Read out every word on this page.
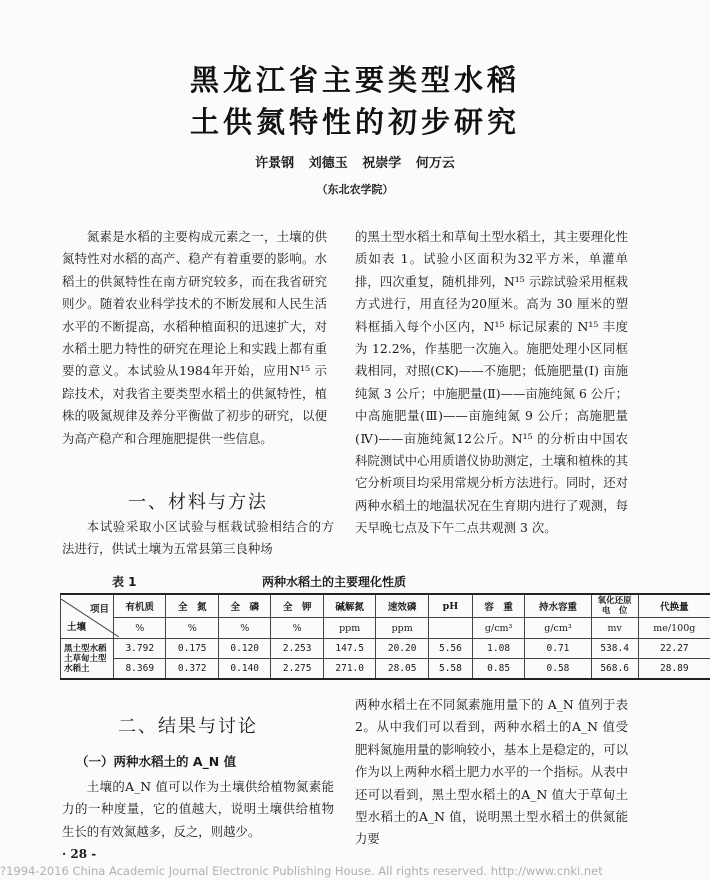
黑龙江省主要类型水稻
土供氮特性的初步研究
许景钢 刘德玉 祝崇学 何万云
（东北农学院）

氮素是水稻的主要构成元素之一，土壤的供氮特性对水稻的高产、稳产有着重要的影响。水稻土的供氮特性在南方研究较多，而在我省研究则少。随着农业科学技术的不断发展和人民生活水平的不断提高，水稻种植面积的迅速扩大，对水稻土肥力特性的研究在理论上和实践上都有重要的意义。本试验从1984年开始，应用N¹⁵ 示踪技术，对我省主要类型水稻土的供氮特性，植株的吸氮规律及养分平衡做了初步的研究，以便为高产稳产和合理施肥提供一些信息。

的黑土型水稻土和草甸土型水稻土，其主要理化性质如表 1。试验小区面积为32平方米，单灌单排，四次重复，随机排列，N¹⁵ 示踪试验采用框栽方式进行，用直径为20厘米。高为 30 厘米的塑料框插入每个小区内，N¹⁵ 标记尿素的 N¹⁵ 丰度为 12.2%，作基肥一次施入。施肥处理小区同框栽相同，对照(CK)——不施肥；低施肥量(Ⅰ) 亩施纯氮 3 公斤；中施肥量(Ⅱ)——亩施纯氮 6 公斤；中高施肥量(Ⅲ)——亩施纯氮 9 公斤；高施肥量(Ⅳ)——亩施纯氮12公斤。N¹⁵ 的分析由中国农科院测试中心用质谱仪协助测定，土壤和植株的其它分析项目均采用常规分析方法进行。同时，还对两种水稻土的地温状况在生育期内进行了观测，每天早晚七点及下午二点共观测 3 次。

一、材料与方法

本试验采取小区试验与框栽试验相结合的方法进行，供试土壤为五常县第三良种场

表 1	两种水稻土的主要理化性质
项目
土壤	有机质	全　氮	全　磷	全　钾	碱解氮	速效磷	pH	容　重	持水容重	氧化还原电　位	代换量
	%	%	%	%	ppm	ppm		g/cm³	g/cm³	mv	me/100g
黑土型水稻土草甸土型水稻土	3.792	0.175	0.120	2.253	147.5	20.20	5.56	1.08	0.71	538.4	22.27
	8.369	0.372	0.140	2.275	271.0	28.05	5.58	0.85	0.58	568.6	28.89
二、结果与讨论
（一）两种水稻土的 A_N 值

土壤的A_N 值可以作为土壤供给植物氮素能力的一种度量，它的值越大，说明土壤供给植物生长的有效氮越多，反之，则越少。

两种水稻土在不同氮素施用量下的 A_N 值列于表 2。从中我们可以看到，两种水稻土的A_N 值受肥料氮施用量的影响较小，基本上是稳定的，可以作为以上两种水稻土肥力水平的一个指标。从表中还可以看到，黑土型水稻土的A_N 值大于草甸土型水稻土的A_N 值，说明黑土型水稻土的供氮能力要

· 28 -
?1994-2016 China Academic Journal Electronic Publishing House. All rights reserved. http://www.cnki.net
